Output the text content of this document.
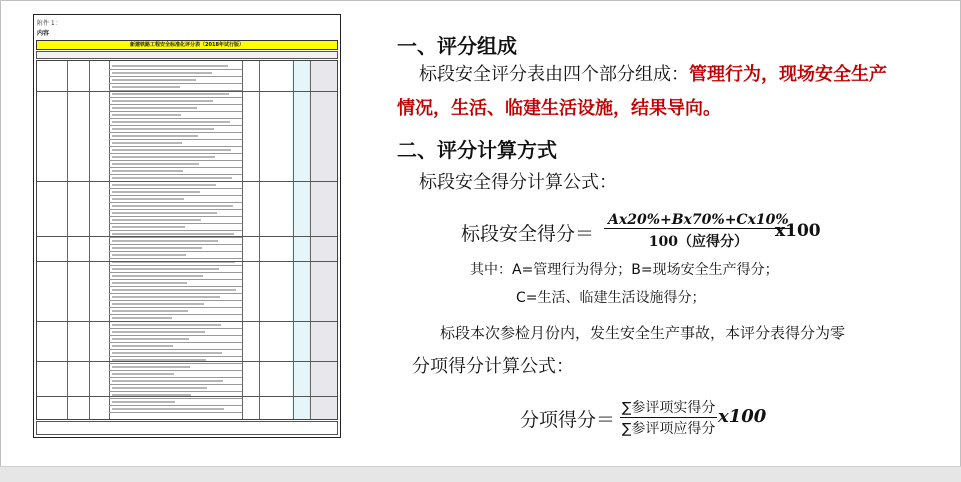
附件 1：
内容
新建铁路工程安全标准化评分表（2018年试行版）	一、评分组成
标段安全评分表由四个部分组成：管理行为，现场安全生产情况，生活、临建生活设施，结果导向。
二、评分计算方式
标段安全得分计算公式：
标段安全得分＝
Ax20%+Bx70%+Cx10%
100（应得分）
x100
其中：A=管理行为得分；B=现场安全生产得分；
C=生活、临建生活设施得分；
标段本次参检月份内，发生安全生产事故，本评分表得分为零
分项得分计算公式：
分项得分＝
∑参评项实得分
∑参评项应得分
x100
